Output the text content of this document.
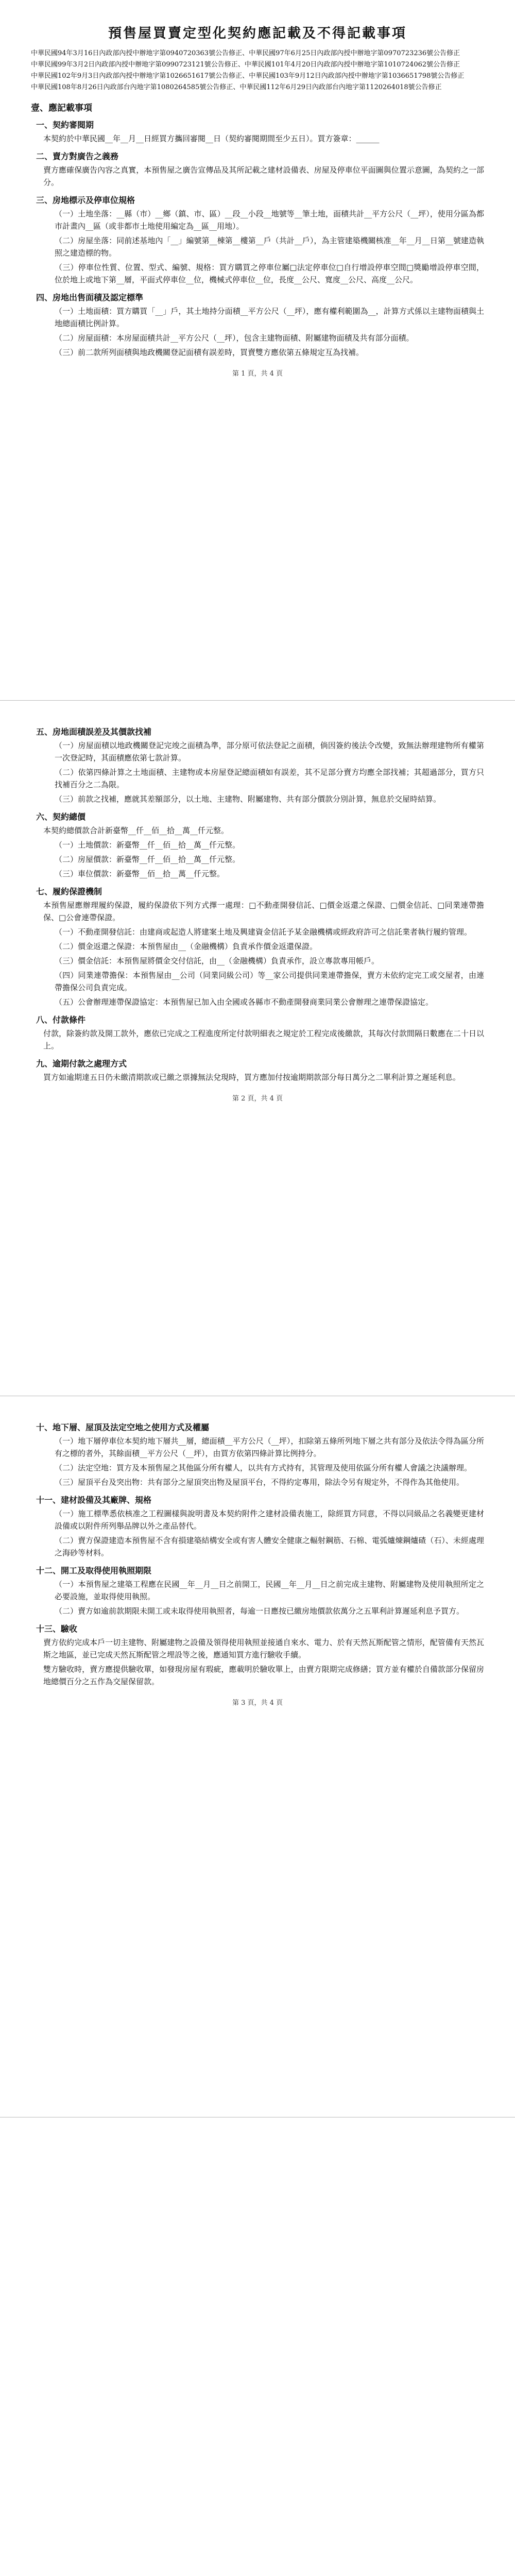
預售屋買賣定型化契約應記載及不得記載事項
中華民國94年3月16日內政部內授中辦地字第0940720363號公告修正、中華民國97年6月25日內政部內授中辦地字第0970723236號公告修正
中華民國99年3月2日內政部內授中辦地字第0990723121號公告修正、中華民國101年4月20日內政部內授中辦地字第1010724062號公告修正
中華民國102年9月3日內政部內授中辦地字第1026651617號公告修正、中華民國103年9月12日內政部內授中辦地字第1036651798號公告修正
中華民國108年8月26日內政部台內地字第1080264585號公告修正、中華民國112年6月29日內政部台內地字第1120264018號公告修正
壹、應記載事項
一、契約審閱期
本契約於中華民國__年__月__日經買方攜回審閱__日（契約審閱期間至少五日）。買方簽章：______
二、賣方對廣告之義務
賣方應確保廣告內容之真實，本預售屋之廣告宣傳品及其所記載之建材設備表、房屋及停車位平面圖與位置示意圖，為契約之一部分。
三、房地標示及停車位規格
（一）土地坐落：__縣（市）__鄉（鎮、市、區）__段__小段__地號等__筆土地，面積共計__平方公尺（__坪），使用分區為都市計畫內__區（或非都市土地使用編定為__區__用地）。
（二）房屋坐落：同前述基地內「__」編號第__棟第__樓第__戶（共計__戶），為主管建築機關核准__年__月__日第__號建造執照之建造標的物。
（三）停車位性質、位置、型式、編號、規格：買方購買之停車位屬□法定停車位□自行增設停車空間□獎勵增設停車空間，位於地上或地下第__層，平面式停車位__位，機械式停車位__位，長度__公尺、寬度__公尺、高度__公尺。
四、房地出售面積及認定標準
（一）土地面積：買方購買「__」戶，其土地持分面積__平方公尺（__坪），應有權利範圍為__，計算方式係以主建物面積與土地總面積比例計算。
（二）房屋面積：本房屋面積共計__平方公尺（__坪），包含主建物面積、附屬建物面積及共有部分面積。
（三）前二款所列面積與地政機關登記面積有誤差時，買賣雙方應依第五條規定互為找補。
第 1 頁，共 4 頁
五、房地面積誤差及其價款找補
（一）房屋面積以地政機關登記完竣之面積為準，部分原可依法登記之面積，倘因簽約後法令改變，致無法辦理建物所有權第一次登記時，其面積應依第七款計算。
（二）依第四條計算之土地面積、主建物或本房屋登記總面積如有誤差，其不足部分賣方均應全部找補；其超過部分，買方只找補百分之二為限。
（三）前款之找補，應就其差額部分，以土地、主建物、附屬建物、共有部分價款分別計算，無息於交屋時結算。
六、契約總價
本契約總價款合計新臺幣__仟__佰__拾__萬__仟元整。
（一）土地價款：新臺幣__仟__佰__拾__萬__仟元整。
（二）房屋價款：新臺幣__仟__佰__拾__萬__仟元整。
（三）車位價款：新臺幣__佰__拾__萬__仟元整。
七、履約保證機制
本預售屋應辦理履約保證，履約保證依下列方式擇一處理：□不動產開發信託、□價金返還之保證、□價金信託、□同業連帶擔保、□公會連帶保證。
（一）不動產開發信託：由建商或起造人將建案土地及興建資金信託予某金融機構或經政府許可之信託業者執行履約管理。
（二）價金返還之保證：本預售屋由__（金融機構）負責承作價金返還保證。
（三）價金信託：本預售屋將價金交付信託，由__（金融機構）負責承作，設立專款專用帳戶。
（四）同業連帶擔保：本預售屋由__公司（同業同級公司）等__家公司提供同業連帶擔保，賣方未依約定完工或交屋者，由連帶擔保公司負責完成。
（五）公會辦理連帶保證協定：本預售屋已加入由全國或各縣市不動產開發商業同業公會辦理之連帶保證協定。
八、付款條件
付款，除簽約款及開工款外，應依已完成之工程進度所定付款明細表之規定於工程完成後繳款，其每次付款間隔日數應在二十日以上。
九、逾期付款之處理方式
買方如逾期達五日仍未繳清期款或已繳之票據無法兌現時，買方應加付按逾期期款部分每日萬分之二單利計算之遲延利息。
第 2 頁，共 4 頁
十、地下層、屋頂及法定空地之使用方式及權屬
（一）地下層停車位本契約地下層共__層，總面積__平方公尺（__坪），扣除第五條所列地下層之共有部分及依法令得為區分所有之標的者外，其餘面積__平方公尺（__坪），由買方依第四條計算比例持分。
（二）法定空地：買方及本預售屋之其他區分所有權人，以共有方式持有，其管理及使用依區分所有權人會議之決議辦理。
（三）屋頂平台及突出物：共有部分之屋頂突出物及屋頂平台，不得約定專用，除法令另有規定外，不得作為其他使用。
十一、建材設備及其廠牌、規格
（一）施工標準悉依核准之工程圖樣與說明書及本契約附件之建材設備表施工，除經買方同意，不得以同級品之名義變更建材設備或以附件所列舉品牌以外之產品替代。
（二）賣方保證建造本預售屋不含有損建築結構安全或有害人體安全健康之輻射鋼筋、石棉、電弧爐煉鋼爐碴（石）、未經處理之海砂等材料。
十二、開工及取得使用執照期限
（一）本預售屋之建築工程應在民國__年__月__日之前開工，民國__年__月__日之前完成主建物、附屬建物及使用執照所定之必要設施，並取得使用執照。
（二）賣方如逾前款期限未開工或未取得使用執照者，每逾一日應按已繳房地價款依萬分之五單利計算遲延利息予買方。
十三、驗收
賣方依約完成本戶一切主建物、附屬建物之設備及領得使用執照並接通自來水、電力、於有天然瓦斯配管之情形，配管備有天然瓦斯之地區，並已完成天然瓦斯配管之埋設等之後，應通知買方進行驗收手續。
雙方驗收時，賣方應提供驗收單，如發現房屋有瑕疵，應載明於驗收單上，由賣方限期完成修繕；買方並有權於自備款部分保留房地總價百分之五作為交屋保留款。
第 3 頁，共 4 頁
